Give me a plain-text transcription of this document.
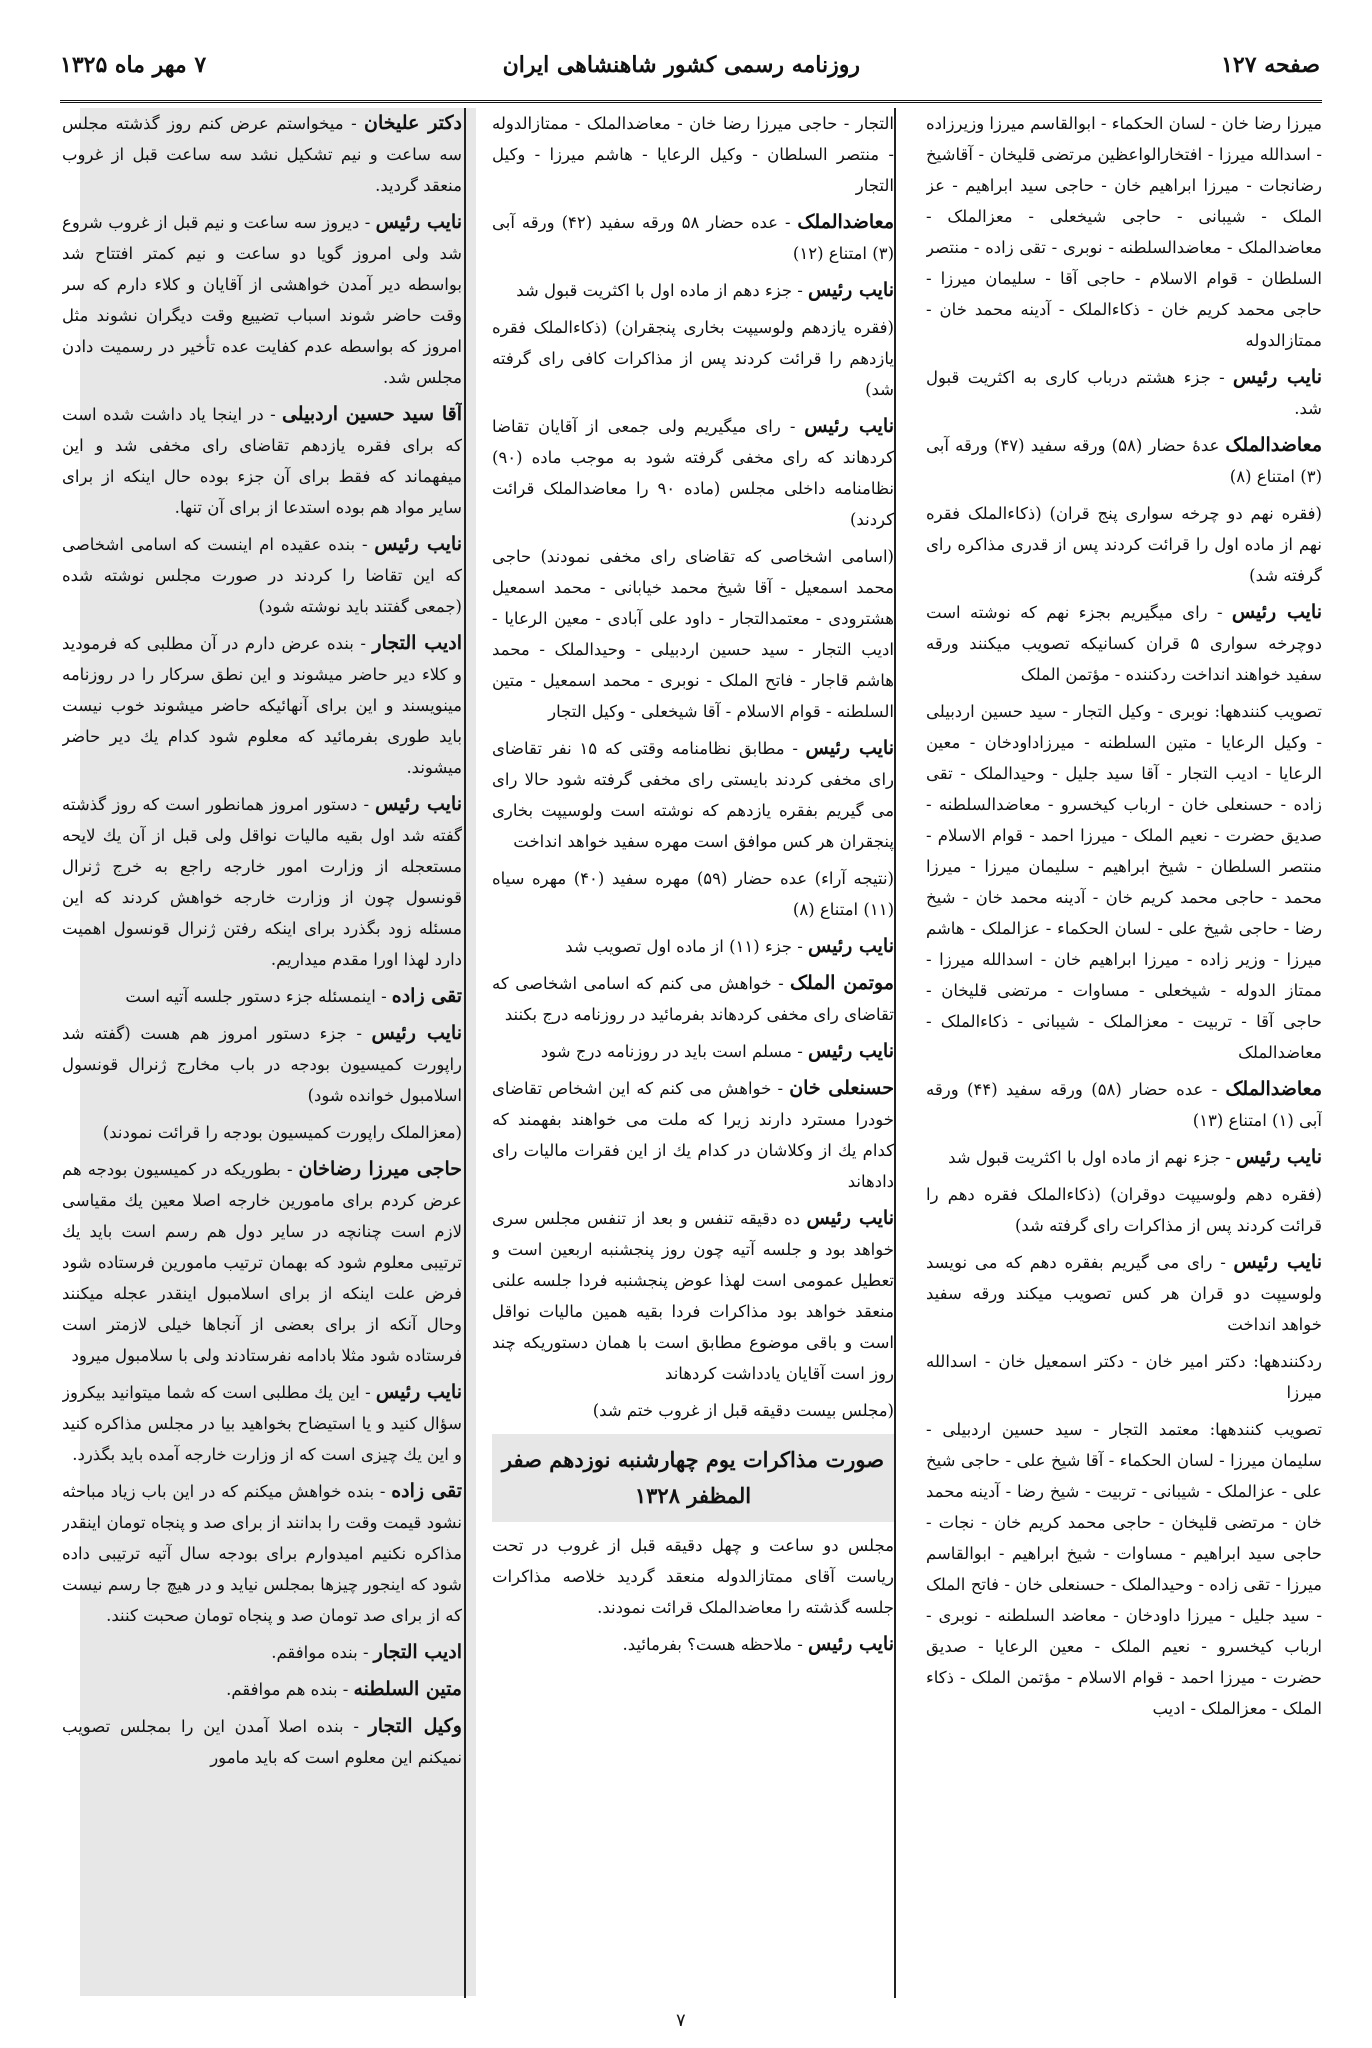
صفحه ۱۲۷
روزنامه رسمی کشور شاهنشاهی ایران
۷ مهر ماه ۱۳۲۵

میرزا رضا خان - لسان الحکماء - ابوالقاسم میرزا وزیرزاده - اسدالله میرزا - افتخارالواعظین مرتضی قلیخان - آقاشیخ رضانجات - میرزا ابراهیم خان - حاجی سید ابراهیم - عز الملک - شیبانی - حاجی شیخعلی - معزالملک - معاضدالملک - معاضدالسلطنه - نوبری - تقی زاده - منتصر السلطان - قوام الاسلام - حاجی آقا - سلیمان میرزا - حاجی محمد کریم خان - ذکاءالملک - آدینه محمد خان - ممتازالدوله

نایب رئیس - جزء هشتم درباب کاری به اکثریت قبول شد.

معاضدالملک عدهٔ حضار (۵۸) ورقه سفید (۴۷) ورقه آبی (۳) امتناع (۸)

(فقره نهم دو چرخه سواری پنج قران) (ذکاءالملک فقره نهم از ماده اول را قرائت کردند پس از قدری مذاکره رای گرفته شد)

نایب رئیس - رای میگیریم بجزء نهم که نوشته است دوچرخه سواری ۵ قران کسانیکه تصویب میکنند ورقه سفید خواهند انداخت ردکننده - مؤتمن الملک

تصویب کنندهها: نوبری - وکیل التجار - سید حسین اردبیلی - وکیل الرعایا - متین السلطنه - میرزاداودخان - معین الرعایا - ادیب التجار - آقا سید جلیل - وحیدالملک - تقی زاده - حسنعلی خان - ارباب کیخسرو - معاضدالسلطنه - صدیق حضرت - نعیم الملک - میرزا احمد - قوام الاسلام - منتصر السلطان - شیخ ابراهیم - سلیمان میرزا - میرزا محمد - حاجی محمد کریم خان - آدینه محمد خان - شیخ رضا - حاجی شیخ علی - لسان الحکماء - عزالملک - هاشم میرزا - وزیر زاده - میرزا ابراهیم خان - اسدالله میرزا - ممتاز الدوله - شیخعلی - مساوات - مرتضی قلیخان - حاجی آقا - تربیت - معزالملک - شیبانی - ذکاءالملک - معاضدالملک

معاضدالملک - عده حضار (۵۸) ورقه سفید (۴۴) ورقه آبی (۱) امتناع (۱۳)

نایب رئیس - جزء نهم از ماده اول با اکثریت قبول شد

(فقره دهم ولوسیپت دوقران) (ذکاءالملک فقره دهم را قرائت کردند پس از مذاکرات رای گرفته شد)

نایب رئیس - رای می گیریم بفقره دهم که می نویسد ولوسیپت دو قران هر کس تصویب میکند ورقه سفید خواهد انداخت

ردکنندهها: دکتر امیر خان - دکتر اسمعیل خان - اسدالله میرزا

تصویب کنندهها: معتمد التجار - سید حسین اردبیلی - سلیمان میرزا - لسان الحکماء - آقا شیخ علی - حاجی شیخ علی - عزالملک - شیبانی - تربیت - شیخ رضا - آدینه محمد خان - مرتضی قلیخان - حاجی محمد کریم خان - نجات - حاجی سید ابراهیم - مساوات - شیخ ابراهیم - ابوالقاسم میرزا - تقی زاده - وحیدالملک - حسنعلی خان - فاتح الملک - سید جلیل - میرزا داودخان - معاضد السلطنه - نوبری - ارباب کیخسرو - نعیم الملک - معین الرعایا - صدیق حضرت - میرزا احمد - قوام الاسلام - مؤتمن الملک - ذکاء الملک - معزالملک - ادیب

التجار - حاجی میرزا رضا خان - معاضدالملک - ممتازالدوله - منتصر السلطان - وکیل الرعایا - هاشم میرزا - وکیل التجار

معاضدالملک - عده حضار ۵۸ ورقه سفید (۴۲) ورقه آبی (۳) امتناع (۱۲)

نایب رئیس - جزء دهم از ماده اول با اکثریت قبول شد

(فقره یازدهم ولوسیپت بخاری پنجقران) (ذکاءالملک فقره یازدهم را قرائت کردند پس از مذاکرات کافی رای گرفته شد)

نایب رئیس - رای میگیریم ولی جمعی از آقایان تقاضا کردهاند که رای مخفی گرفته شود به موجب ماده (۹۰) نظامنامه داخلی مجلس (ماده ۹۰ را معاضدالملک قرائت کردند)

(اسامی اشخاصی که تقاضای رای مخفی نمودند) حاجی محمد اسمعیل - آقا شیخ محمد خیابانی - محمد اسمعیل هشترودی - معتمدالتجار - داود علی آبادی - معین الرعایا - ادیب التجار - سید حسین اردبیلی - وحیدالملک - محمد هاشم قاجار - فاتح الملک - نوبری - محمد اسمعیل - متین السلطنه - قوام الاسلام - آقا شیخعلی - وکیل التجار

نایب رئیس - مطابق نظامنامه وقتی که ۱۵ نفر تقاضای رای مخفی کردند بایستی رای مخفی گرفته شود حالا رای می گیریم بفقره یازدهم که نوشته است ولوسیپت بخاری پنجقران هر کس موافق است مهره سفید خواهد انداخت

(نتیجه آراء) عده حضار (۵۹) مهره سفید (۴۰) مهره سیاه (۱۱) امتناع (۸)

نایب رئیس - جزء (۱۱) از ماده اول تصویب شد

موتمن الملک - خواهش می کنم که اسامی اشخاصی که تقاضای رای مخفی کردهاند بفرمائید در روزنامه درج بکنند

نایب رئیس - مسلم است باید در روزنامه درج شود

حسنعلی خان - خواهش می کنم که این اشخاص تقاضای خودرا مسترد دارند زیرا که ملت می خواهند بفهمند که کدام یك از وکلاشان در کدام یك از این فقرات مالیات رای دادهاند

نایب رئیس ده دقیقه تنفس و بعد از تنفس مجلس سری خواهد بود و جلسه آتیه چون روز پنجشنبه اربعین است و تعطیل عمومی است لهذا عوض پنجشنبه فردا جلسه علنی منعقد خواهد بود مذاکرات فردا بقیه همین مالیات نواقل است و باقی موضوع مطابق است با همان دستوریکه چند روز است آقایان یادداشت کردهاند

(مجلس بیست دقیقه قبل از غروب ختم شد)

صورت مذاکرات یوم چهارشنبه نوزدهم صفر المظفر ۱۳۲۸

مجلس دو ساعت و چهل دقیقه قبل از غروب در تحت ریاست آقای ممتازالدوله منعقد گردید خلاصه مذاکرات جلسه گذشته را معاضدالملک قرائت نمودند.

نایب رئیس - ملاحظه هست؟ بفرمائید.

دکتر علیخان - میخواستم عرض کنم روز گذشته مجلس سه ساعت و نیم تشکیل نشد سه ساعت قبل از غروب منعقد گردید.

نایب رئیس - دیروز سه ساعت و نیم قبل از غروب شروع شد ولی امروز گویا دو ساعت و نیم کمتر افتتاح شد بواسطه دیر آمدن خواهشی از آقایان و کلاء دارم که سر وقت حاضر شوند اسباب تضییع وقت دیگران نشوند مثل امروز که بواسطه عدم کفایت عده تأخیر در رسمیت دادن مجلس شد.

آقا سید حسین اردبیلی - در اینجا یاد داشت شده است که برای فقره یازدهم تقاضای رای مخفی شد و این میفهماند که فقط برای آن جزء بوده حال اینکه از برای سایر مواد هم بوده استدعا از برای آن تنها.

نایب رئیس - بنده عقیده ام اینست که اسامی اشخاصی که این تقاضا را کردند در صورت مجلس نوشته شده (جمعی گفتند باید نوشته شود)

ادیب التجار - بنده عرض دارم در آن مطلبی که فرمودید و کلاء دیر حاضر میشوند و این نطق سرکار را در روزنامه مینویسند و این برای آنهائیکه حاضر میشوند خوب نیست باید طوری بفرمائید که معلوم شود کدام یك دیر حاضر میشوند.

نایب رئیس - دستور امروز همانطور است که روز گذشته گفته شد اول بقیه مالیات نواقل ولی قبل از آن یك لایحه مستعجله از وزارت امور خارجه راجع به خرج ژنرال قونسول چون از وزارت خارجه خواهش کردند که این مسئله زود بگذرد برای اینکه رفتن ژنرال قونسول اهمیت دارد لهذا اورا مقدم میداریم.

تقی زاده - اینمسئله جزء دستور جلسه آتیه است

نایب رئیس - جزء دستور امروز هم هست (گفته شد راپورت کمیسیون بودجه در باب مخارج ژنرال قونسول اسلامبول خوانده شود)

(معزالملک راپورت کمیسیون بودجه را قرائت نمودند)

حاجی میرزا رضاخان - بطوریکه در کمیسیون بودجه هم عرض کردم برای مامورین خارجه اصلا معین یك مقیاسی لازم است چنانچه در سایر دول هم رسم است باید یك ترتیبی معلوم شود که بهمان ترتیب مامورین فرستاده شود فرض علت اینکه از برای اسلامبول اینقدر عجله میکنند وحال آنکه از برای بعضی از آنجاها خیلی لازمتر است فرستاده شود مثلا بادامه نفرستادند ولی با سلامبول میرود

نایب رئیس - این یك مطلبی است که شما میتوانید بیکروز سؤال کنید و یا استیضاح بخواهید بیا در مجلس مذاکره کنید و این یك چیزی است که از وزارت خارجه آمده باید بگذرد.

تقی زاده - بنده خواهش میکنم که در این باب زیاد مباحثه نشود قیمت وقت را بدانند از برای صد و پنجاه تومان اینقدر مذاکره نکنیم امیدوارم برای بودجه سال آتیه ترتیبی داده شود که اینجور چیزها بمجلس نیاید و در هیچ جا رسم نیست که از برای صد تومان صد و پنجاه تومان صحبت کنند.

ادیب التجار - بنده موافقم.

متین السلطنه - بنده هم موافقم.

وکیل التجار - بنده اصلا آمدن این را بمجلس تصویب نمیکنم این معلوم است که باید مامور

۷
